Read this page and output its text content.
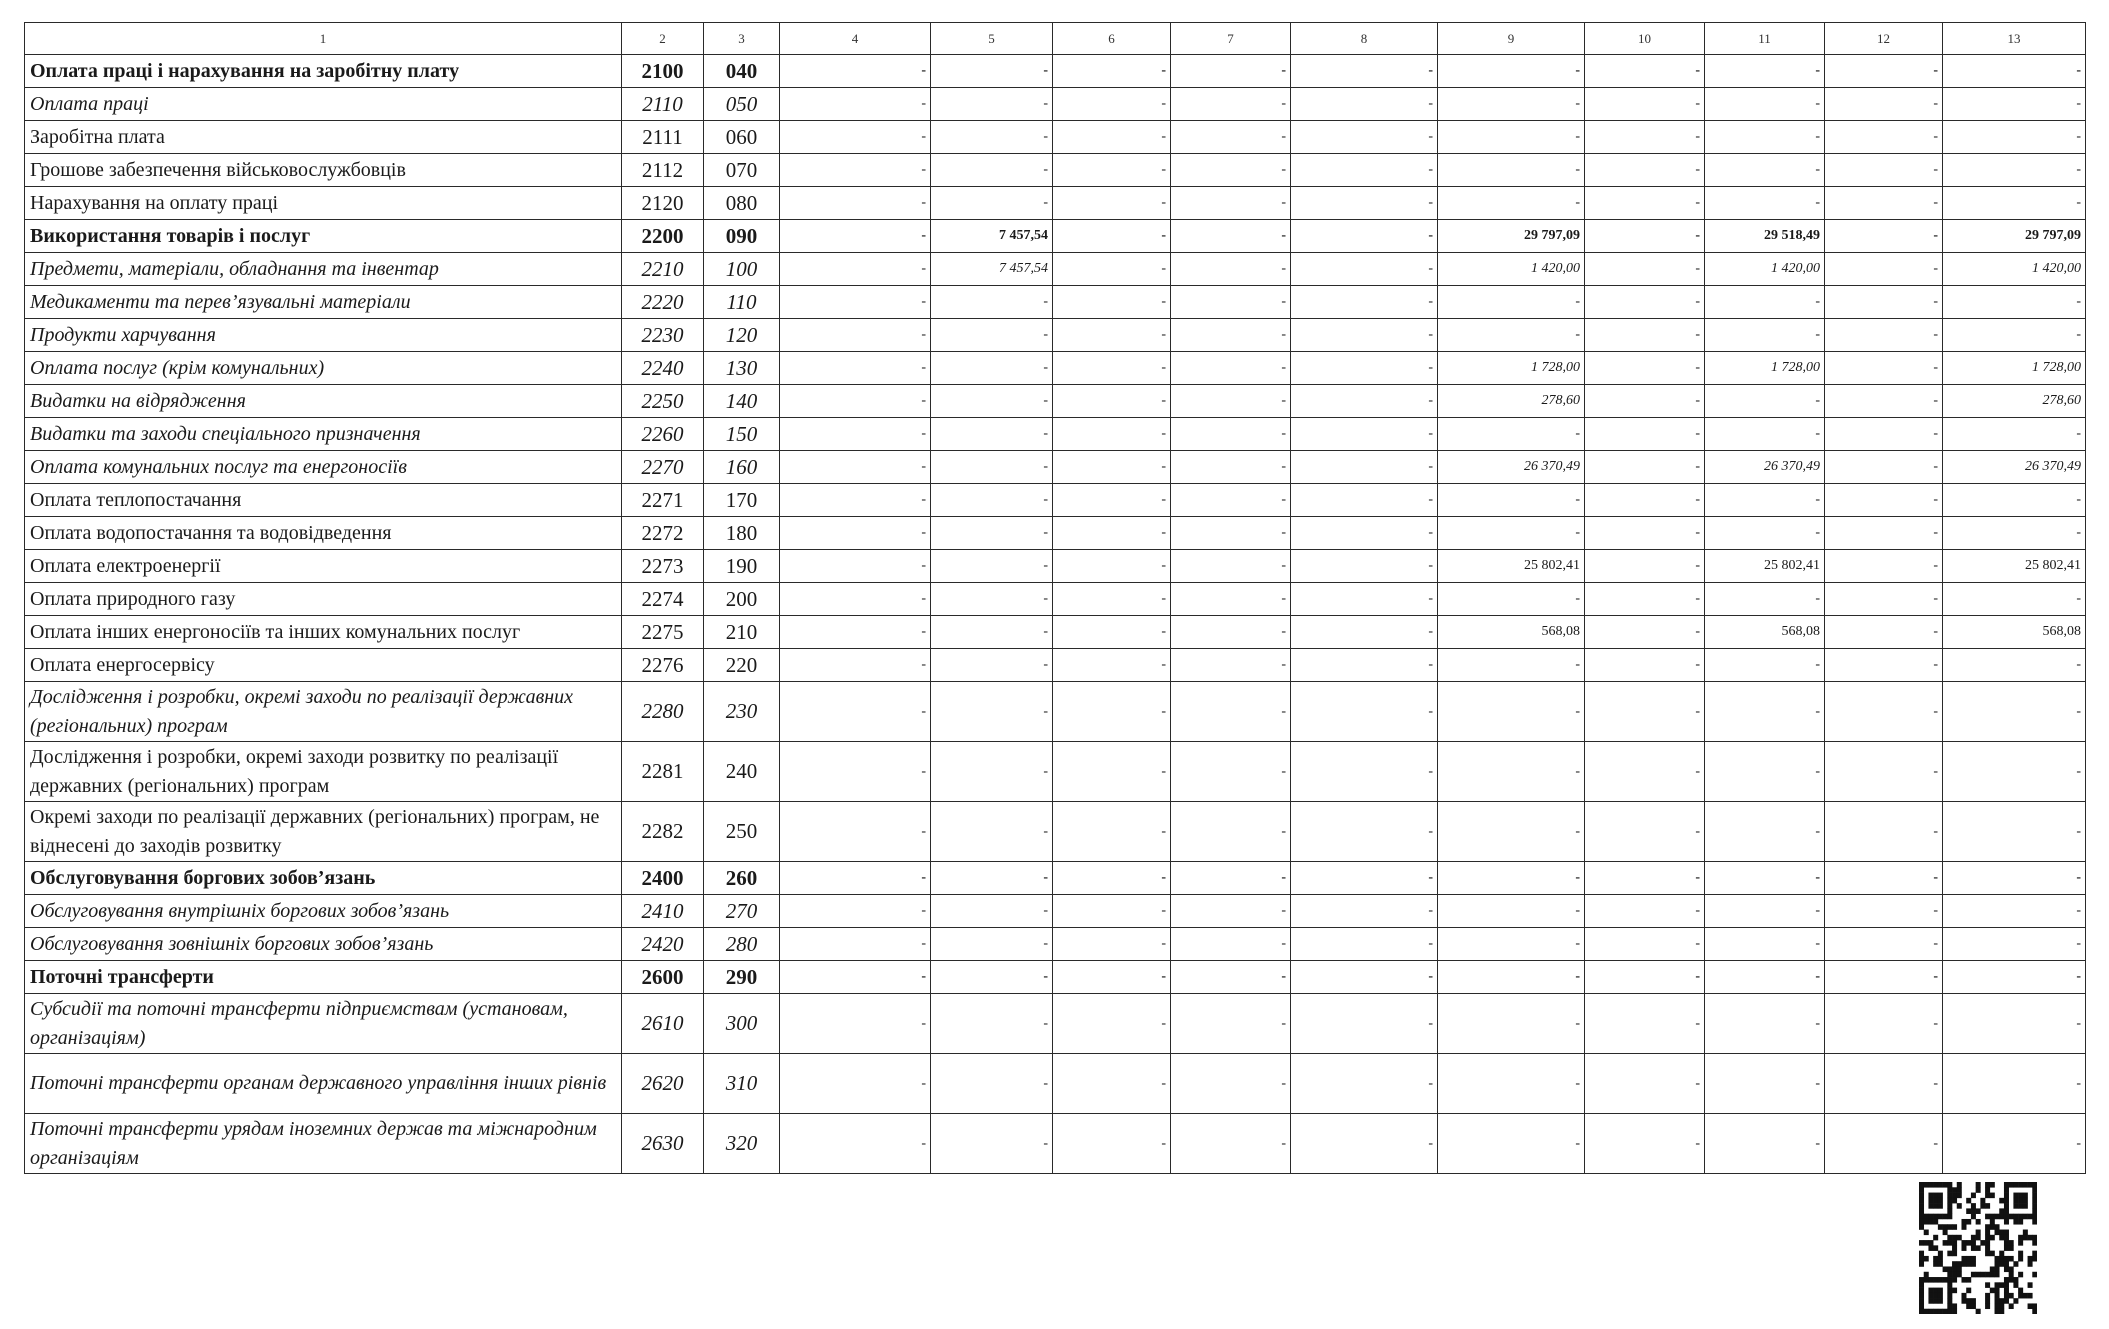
1	2	3	4	5	6	7	8	9	10	11	12	13
Оплата праці і нарахування на заробітну плату	2100	040	-	-	-	-	-	-	-	-	-	-
Оплата праці	2110	050	-	-	-	-	-	-	-	-	-	-
Заробітна плата	2111	060	-	-	-	-	-	-	-	-	-	-
Грошове забезпечення військовослужбовців	2112	070	-	-	-	-	-	-	-	-	-	-
Нарахування на оплату праці	2120	080	-	-	-	-	-	-	-	-	-	-
Використання товарів і послуг	2200	090	-	7 457,54	-	-	-	29 797,09	-	29 518,49	-	29 797,09
Предмети, матеріали, обладнання та інвентар	2210	100	-	7 457,54	-	-	-	1 420,00	-	1 420,00	-	1 420,00
Медикаменти та перев’язувальні матеріали	2220	110	-	-	-	-	-	-	-	-	-	-
Продукти харчування	2230	120	-	-	-	-	-	-	-	-	-	-
Оплата послуг (крім комунальних)	2240	130	-	-	-	-	-	1 728,00	-	1 728,00	-	1 728,00
Видатки на відрядження	2250	140	-	-	-	-	-	278,60	-	-	-	278,60
Видатки та заходи спеціального призначення	2260	150	-	-	-	-	-	-	-	-	-	-
Оплата комунальних послуг та енергоносіїв	2270	160	-	-	-	-	-	26 370,49	-	26 370,49	-	26 370,49
Оплата теплопостачання	2271	170	-	-	-	-	-	-	-	-	-	-
Оплата водопостачання та водовідведення	2272	180	-	-	-	-	-	-	-	-	-	-
Оплата електроенергії	2273	190	-	-	-	-	-	25 802,41	-	25 802,41	-	25 802,41
Оплата природного газу	2274	200	-	-	-	-	-	-	-	-	-	-
Оплата інших енергоносіїв та інших комунальних послуг	2275	210	-	-	-	-	-	568,08	-	568,08	-	568,08
Оплата енергосервісу	2276	220	-	-	-	-	-	-	-	-	-	-
Дослідження і розробки, окремі заходи по реалізації державних (регіональних) програм	2280	230	-	-	-	-	-	-	-	-	-	-
Дослідження і розробки, окремі заходи розвитку по реалізації державних (регіональних) програм	2281	240	-	-	-	-	-	-	-	-	-	-
Окремі заходи по реалізації державних (регіональних) програм, не віднесені до заходів розвитку	2282	250	-	-	-	-	-	-	-	-	-	-
Обслуговування боргових зобов’язань	2400	260	-	-	-	-	-	-	-	-	-	-
Обслуговування внутрішніх боргових зобов’язань	2410	270	-	-	-	-	-	-	-	-	-	-
Обслуговування зовнішніх боргових зобов’язань	2420	280	-	-	-	-	-	-	-	-	-	-
Поточні трансферти	2600	290	-	-	-	-	-	-	-	-	-	-
Субсидії та поточні трансферти підприємствам (установам, організаціям)	2610	300	-	-	-	-	-	-	-	-	-	-
Поточні трансферти органам державного управління інших рівнів	2620	310	-	-	-	-	-	-	-	-	-	-
Поточні трансферти урядам іноземних держав та міжнародним організаціям	2630	320	-	-	-	-	-	-	-	-	-	-
